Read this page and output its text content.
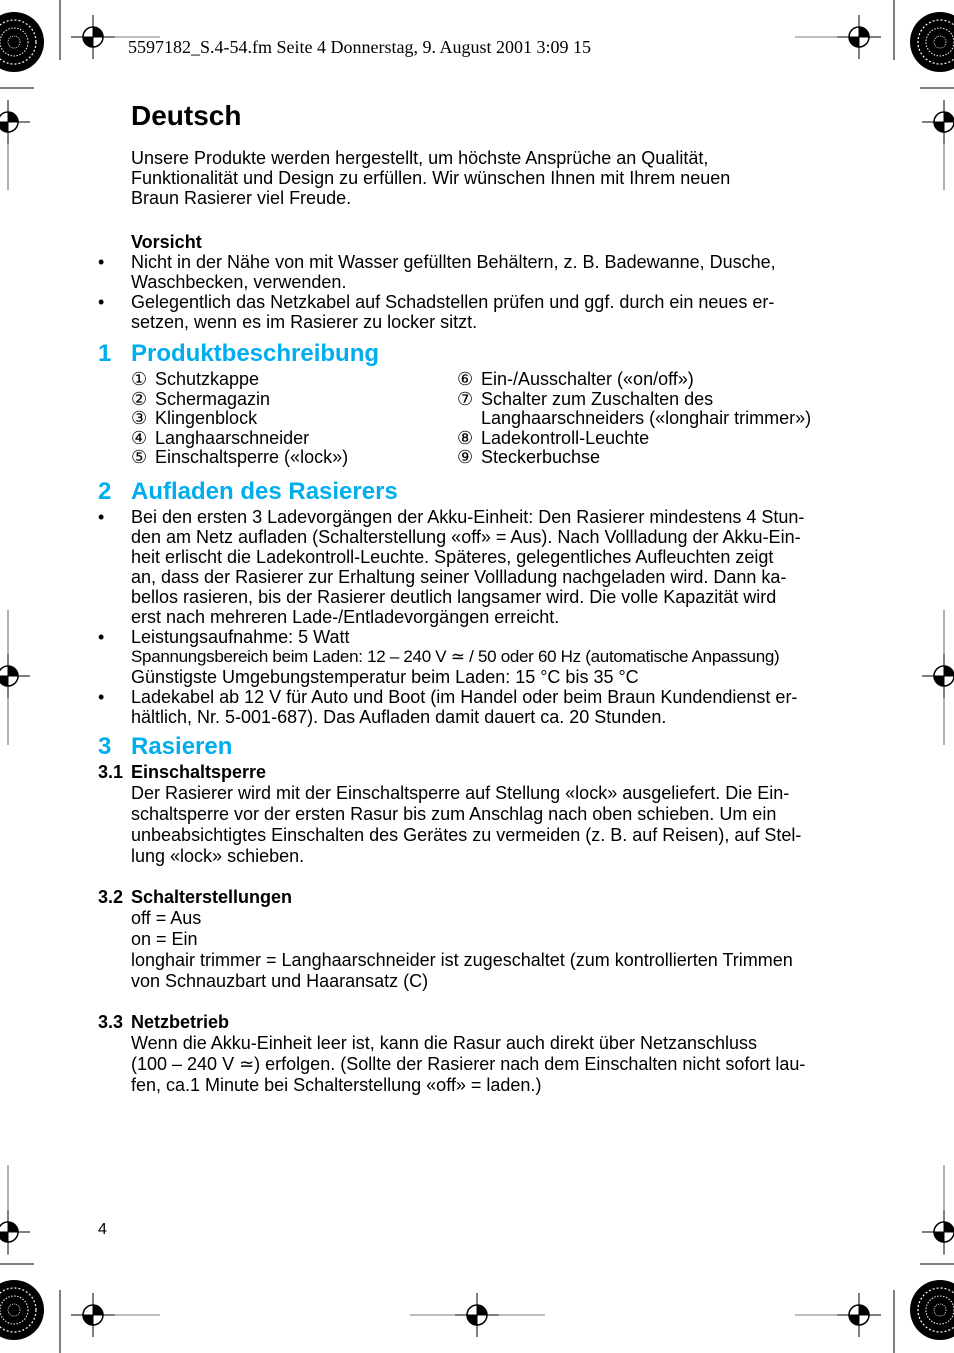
5597182_S.4-54.fm Seite 4 Donnerstag, 9. August 2001 3:09 15
Deutsch
Unsere Produkte werden hergestellt, um höchste Ansprüche an Qualität,
Funktionalität und Design zu erfüllen. Wir wünschen Ihnen mit Ihrem neuen
Braun Rasierer viel Freude.
Vorsicht
• Nicht in der Nähe von mit Wasser gefüllten Behältern, z. B. Badewanne, Dusche,
Waschbecken, verwenden.
• Gelegentlich das Netzkabel auf Schadstellen prüfen und ggf. durch ein neues er-
setzen, wenn es im Rasierer zu locker sitzt.
1 Produktbeschreibung
① Schutzkappe
② Schermagazin
③ Klingenblock
④ Langhaarschneider
⑤ Einschaltsperre («lock»)
⑥ Ein-/Ausschalter («on/off»)
⑦ Schalter zum Zuschalten des
Langhaarschneiders («longhair trimmer»)
⑧ Ladekontroll-Leuchte
⑨ Steckerbuchse
2 Aufladen des Rasierers
• Bei den ersten 3 Ladevorgängen der Akku-Einheit: Den Rasierer mindestens 4 Stun-
den am Netz aufladen (Schalterstellung «off» = Aus). Nach Vollladung der Akku-Ein-
heit erlischt die Ladekontroll-Leuchte. Späteres, gelegentliches Aufleuchten zeigt
an, dass der Rasierer zur Erhaltung seiner Vollladung nachgeladen wird. Dann ka-
bellos rasieren, bis der Rasierer deutlich langsamer wird. Die volle Kapazität wird
erst nach mehreren Lade-/Entladevorgängen erreicht.
• Leistungsaufnahme: 5 Watt
Spannungsbereich beim Laden: 12 – 240 V ≃ / 50 oder 60 Hz (automatische Anpassung)
Günstigste Umgebungstemperatur beim Laden: 15 °C bis 35 °C
• Ladekabel ab 12 V für Auto und Boot (im Handel oder beim Braun Kundendienst er-
hältlich, Nr. 5-001-687). Das Aufladen damit dauert ca. 20 Stunden.
3 Rasieren
3.1 Einschaltsperre
Der Rasierer wird mit der Einschaltsperre auf Stellung «lock» ausgeliefert. Die Ein-
schaltsperre vor der ersten Rasur bis zum Anschlag nach oben schieben. Um ein
unbeabsichtigtes Einschalten des Gerätes zu vermeiden (z. B. auf Reisen), auf Stel-
lung «lock» schieben.
3.2 Schalterstellungen
off = Aus
on = Ein
longhair trimmer = Langhaarschneider ist zugeschaltet (zum kontrollierten Trimmen
von Schnauzbart und Haaransatz (C)
3.3 Netzbetrieb
Wenn die Akku-Einheit leer ist, kann die Rasur auch direkt über Netzanschluss
(100 – 240 V ≃) erfolgen. (Sollte der Rasierer nach dem Einschalten nicht sofort lau-
fen, ca.1 Minute bei Schalterstellung «off» = laden.)
4
